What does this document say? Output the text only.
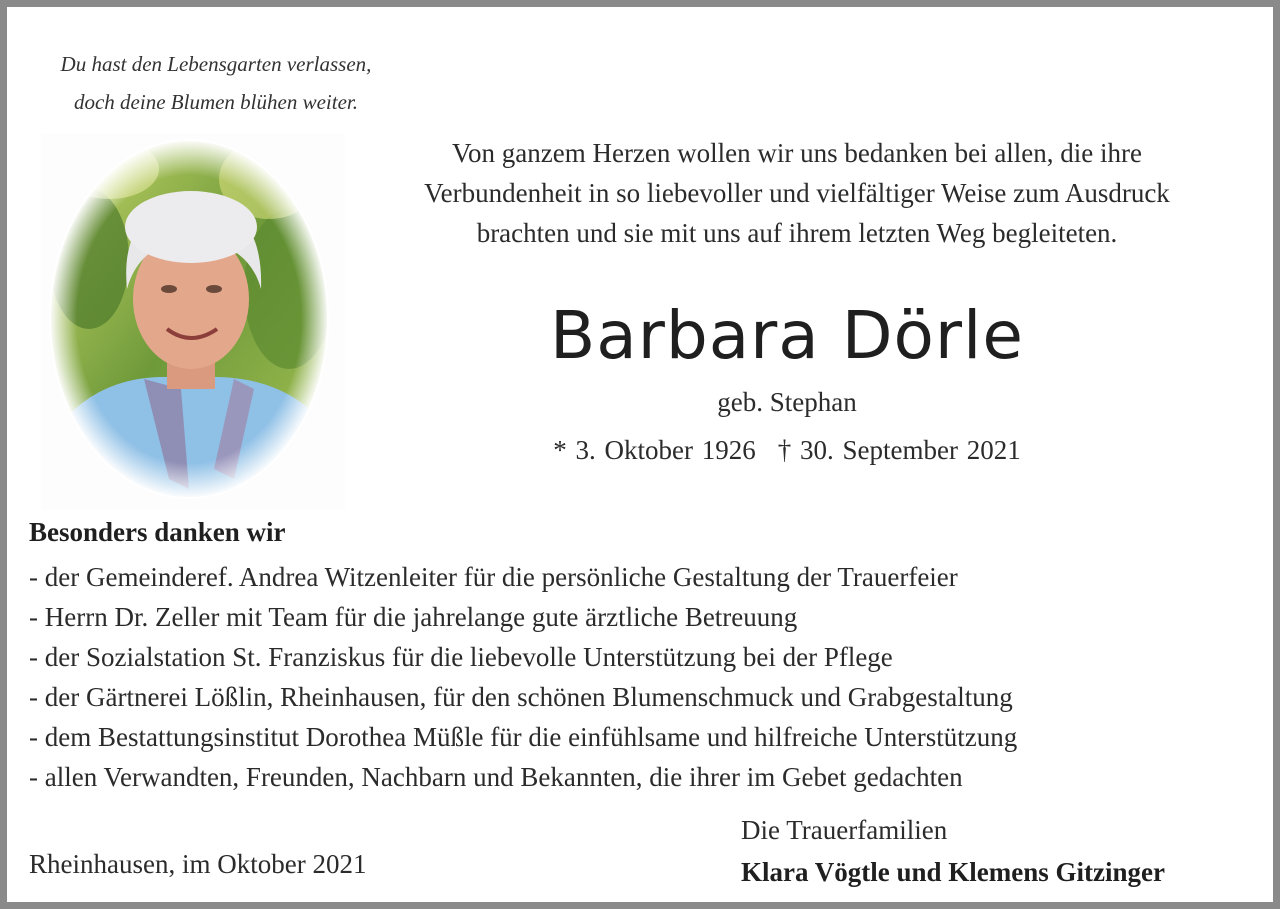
Du hast den Lebensgarten verlassen,
doch deine Blumen blühen weiter.
Von ganzem Herzen wollen wir uns bedanken bei allen, die ihre
Verbundenheit in so liebevoller und vielfältiger Weise zum Ausdruck
brachten und sie mit uns auf ihrem letzten Weg begleiteten.
Barbara Dörle
geb. Stephan
* 3. Oktober 1926 † 30. September 2021
Besonders danken wir
- der Gemeinderef. Andrea Witzenleiter für die persönliche Gestaltung der Trauerfeier
- Herrn Dr. Zeller mit Team für die jahrelange gute ärztliche Betreuung
- der Sozialstation St. Franziskus für die liebevolle Unterstützung bei der Pflege
- der Gärtnerei Lößlin, Rheinhausen, für den schönen Blumenschmuck und Grabgestaltung
- dem Bestattungsinstitut Dorothea Müßle für die einfühlsame und hilfreiche Unterstützung
- allen Verwandten, Freunden, Nachbarn und Bekannten, die ihrer im Gebet gedachten
Rheinhausen, im Oktober 2021
Die Trauerfamilien
Klara Vögtle und Klemens Gitzinger
